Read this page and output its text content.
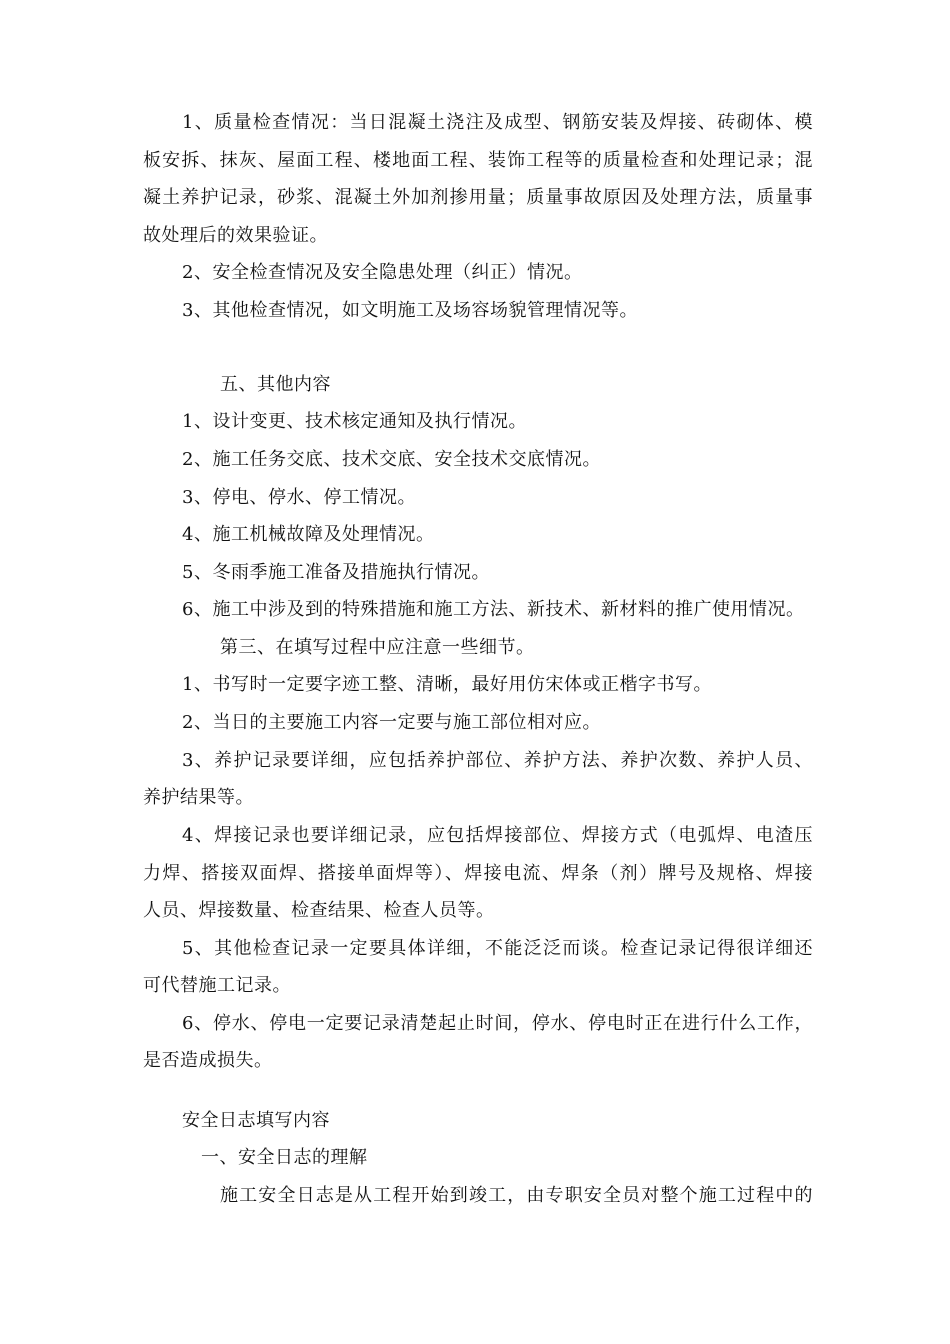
1、质量检查情况：当日混凝土浇注及成型、钢筋安装及焊接、砖砌体、模
板安拆、抹灰、屋面工程、楼地面工程、装饰工程等的质量检查和处理记录；混
凝土养护记录，砂浆、混凝土外加剂掺用量；质量事故原因及处理方法，质量事
故处理后的效果验证。
2、安全检查情况及安全隐患处理（纠正）情况。
3、其他检查情况，如文明施工及场容场貌管理情况等。
五、其他内容
1、设计变更、技术核定通知及执行情况。
2、施工任务交底、技术交底、安全技术交底情况。
3、停电、停水、停工情况。
4、施工机械故障及处理情况。
5、冬雨季施工准备及措施执行情况。
6、施工中涉及到的特殊措施和施工方法、新技术、新材料的推广使用情况。
第三、在填写过程中应注意一些细节。
1、书写时一定要字迹工整、清晰，最好用仿宋体或正楷字书写。
2、当日的主要施工内容一定要与施工部位相对应。
3、养护记录要详细，应包括养护部位、养护方法、养护次数、养护人员、
养护结果等。
4、焊接记录也要详细记录，应包括焊接部位、焊接方式（电弧焊、电渣压
力焊、搭接双面焊、搭接单面焊等）、焊接电流、焊条（剂）牌号及规格、焊接
人员、焊接数量、检查结果、检查人员等。
5、其他检查记录一定要具体详细，不能泛泛而谈。检查记录记得很详细还
可代替施工记录。
6、停水、停电一定要记录清楚起止时间，停水、停电时正在进行什么工作，
是否造成损失。
安全日志填写内容
一、安全日志的理解
施工安全日志是从工程开始到竣工，由专职安全员对整个施工过程中的
